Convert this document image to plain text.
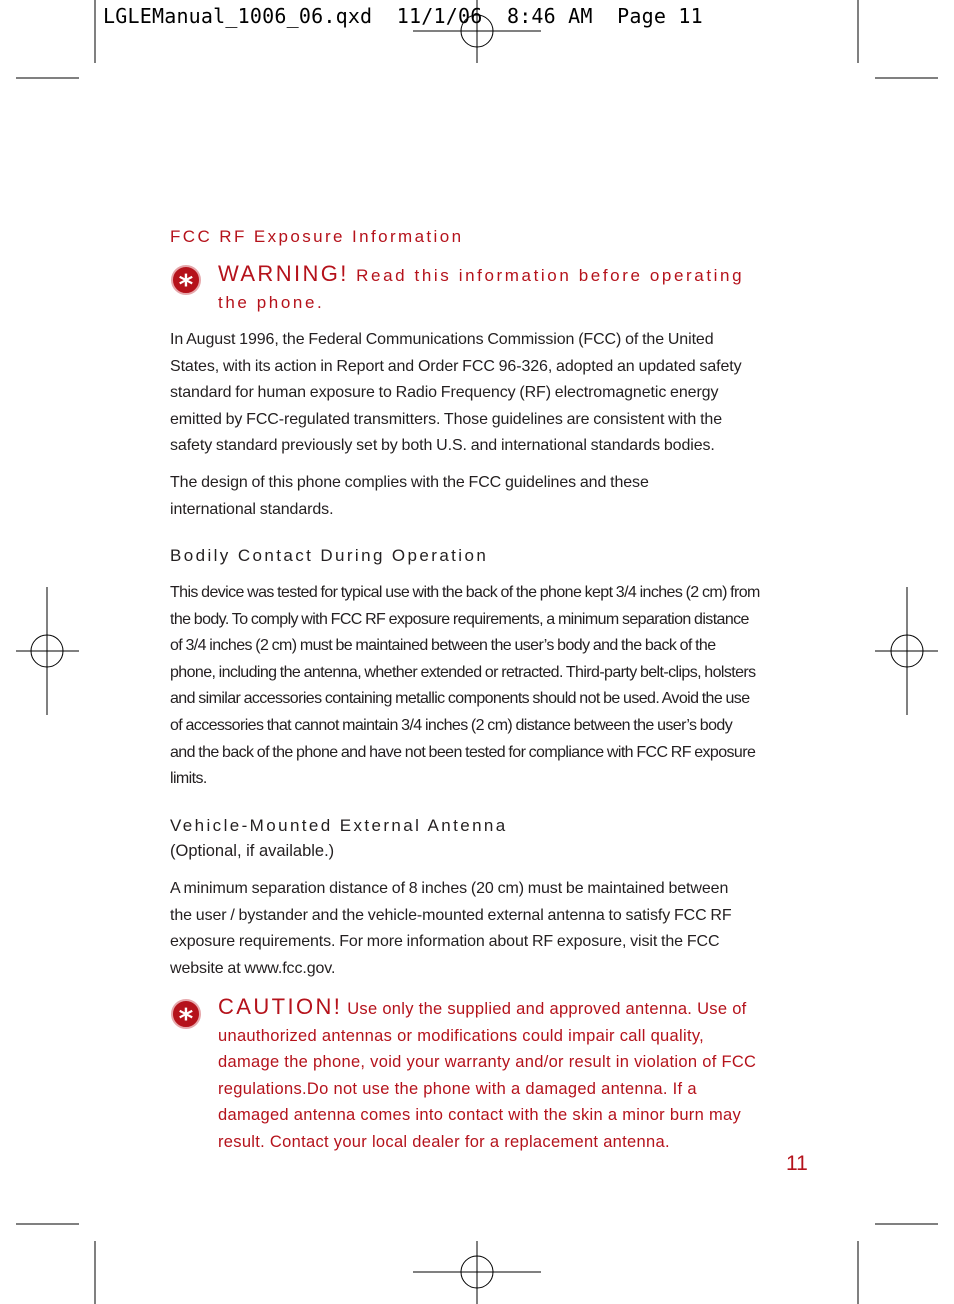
LGLEManual_1006_06.qxd  11/1/06  8:46 AM  Page 11
FCC RF Exposure Information
*	WARNING! Read this information before operating the phone.

In August 1996, the Federal Communications Commission (FCC) of the United States, with its action in Report and Order FCC 96-326, adopted an updated safety standard for human exposure to Radio Frequency (RF) electromagnetic energy emitted by FCC-regulated transmitters. Those guidelines are consistent with the safety standard previously set by both U.S. and international standards bodies.

The design of this phone complies with the FCC guidelines and these international standards.

Bodily Contact During Operation

This device was tested for typical use with the back of the phone kept 3/4 inches (2 cm) from the body. To comply with FCC RF exposure requirements, a minimum separation distance of 3/4 inches (2 cm) must be maintained between the user’s body and the back of the phone, including the antenna, whether extended or retracted. Third-party belt-clips, holsters and similar accessories containing metallic components should not be used. Avoid the use of accessories that cannot maintain 3/4 inches (2 cm) distance between the user’s body and the back of the phone and have not been tested for compliance with FCC RF exposure limits.

Vehicle-Mounted External Antenna
(Optional, if available.)

A minimum separation distance of 8 inches (20 cm) must be maintained between the user / bystander and the vehicle-mounted external antenna to satisfy FCC RF exposure requirements. For more information about RF exposure, visit the FCC website at www.fcc.gov.

*	CAUTION! Use only the supplied and approved antenna. Use of unauthorized antennas or modifications could impair call quality, damage the phone, void your warranty and/or result in violation of FCC regulations.Do not use the phone with a damaged antenna. If a damaged antenna comes into contact with the skin a minor burn may result. Contact your local dealer for a replacement antenna.

11
